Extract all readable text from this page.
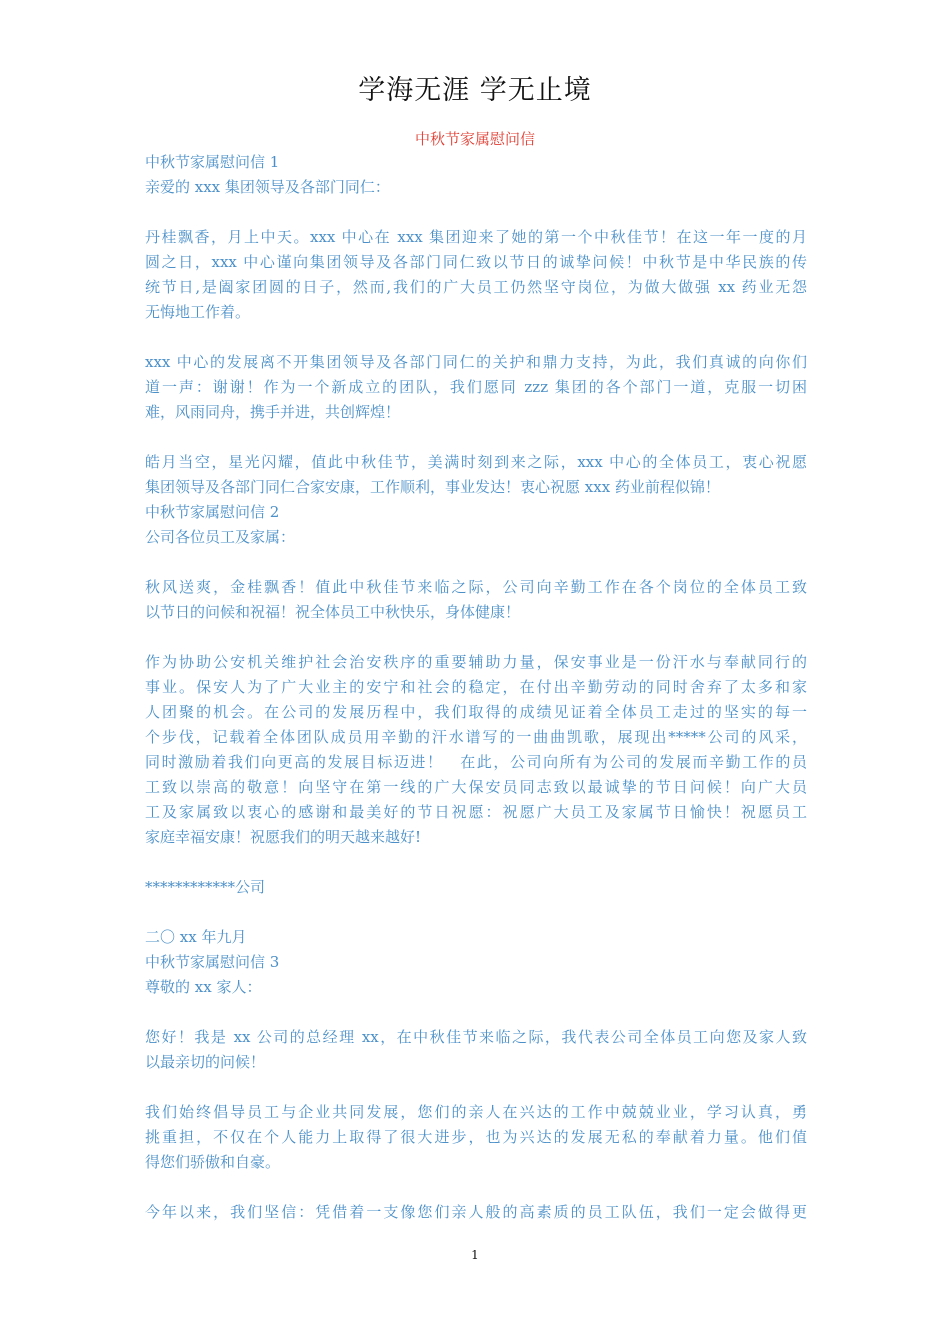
学海无涯 学无止境
中秋节家属慰问信
中秋节家属慰问信 1
亲爱的 xxx 集团领导及各部门同仁：
丹桂飘香，月上中天。xxx 中心在 xxx 集团迎来了她的第一个中秋佳节！在这一年一度的月
圆之日，xxx 中心谨向集团领导及各部门同仁致以节日的诚挚问候！中秋节是中华民族的传
统节日,是阖家团圆的日子，然而,我们的广大员工仍然坚守岗位，为做大做强 xx 药业无怨
无悔地工作着。
xxx 中心的发展离不开集团领导及各部门同仁的关护和鼎力支持，为此，我们真诚的向你们
道一声：谢谢！作为一个新成立的团队，我们愿同 zzz 集团的各个部门一道，克服一切困
难，风雨同舟，携手并进，共创辉煌！
皓月当空，星光闪耀，值此中秋佳节，美满时刻到来之际，xxx 中心的全体员工，衷心祝愿
集团领导及各部门同仁合家安康，工作顺利，事业发达！衷心祝愿 xxx 药业前程似锦！
中秋节家属慰问信 2
公司各位员工及家属：
秋风送爽，金桂飘香！值此中秋佳节来临之际，公司向辛勤工作在各个岗位的全体员工致
以节日的问候和祝福！祝全体员工中秋快乐，身体健康！
作为协助公安机关维护社会治安秩序的重要辅助力量，保安事业是一份汗水与奉献同行的
事业。保安人为了广大业主的安宁和社会的稳定，在付出辛勤劳动的同时舍弃了太多和家
人团聚的机会。在公司的发展历程中，我们取得的成绩见证着全体员工走过的坚实的每一
个步伐，记载着全体团队成员用辛勤的汗水谱写的一曲曲凯歌，展现出*****公司的风采，
同时激励着我们向更高的发展目标迈进！　在此，公司向所有为公司的发展而辛勤工作的员
工致以崇高的敬意！向坚守在第一线的广大保安员同志致以最诚挚的节日问候！向广大员
工及家属致以衷心的感谢和最美好的节日祝愿：祝愿广大员工及家属节日愉快！祝愿员工
家庭幸福安康！祝愿我们的明天越来越好!
************公司
二〇 xx 年九月
中秋节家属慰问信 3
尊敬的 xx 家人：
您好！我是 xx 公司的总经理 xx，在中秋佳节来临之际，我代表公司全体员工向您及家人致
以最亲切的问候！
我们始终倡导员工与企业共同发展，您们的亲人在兴达的工作中兢兢业业，学习认真，勇
挑重担，不仅在个人能力上取得了很大进步，也为兴达的发展无私的奉献着力量。他们值
得您们骄傲和自豪。
今年以来，我们坚信：凭借着一支像您们亲人般的高素质的员工队伍，我们一定会做得更
1
